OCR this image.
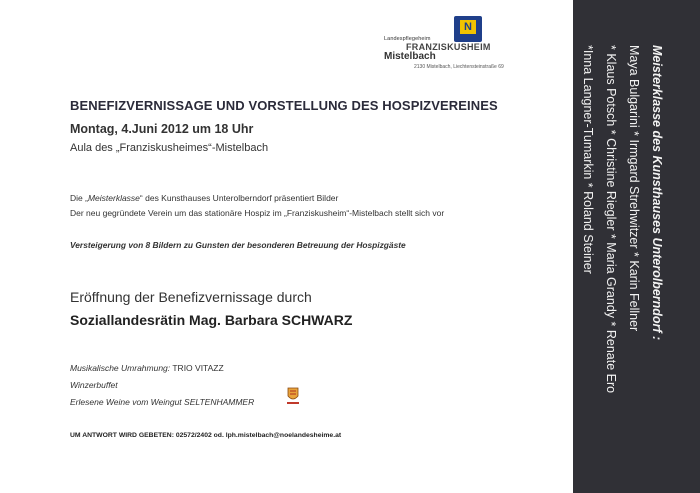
N
Landespflegeheim
FRANZISKUSHEIM
Mistelbach
2130 Mistelbach, Liechtensteinstraße 69
BENEFIZVERNISSAGE UND VORSTELLUNG DES HOSPIZVEREINES
Montag, 4.Juni 2012 um 18 Uhr
Aula des „Franziskusheimes“-Mistelbach
Die „Meisterklasse“ des Kunsthauses Unterolberndorf präsentiert Bilder
Der neu gegründete Verein um das stationäre Hospiz im „Franziskusheim“-Mistelbach stellt sich vor
Versteigerung von 8 Bildern zu Gunsten der besonderen Betreuung der Hospizgäste
Eröffnung der Benefizvernissage durch
Soziallandesrätin Mag. Barbara SCHWARZ
Musikalische Umrahmung: TRIO VITAZZ
Winzerbuffet
Erlesene Weine vom Weingut SELTENHAMMER
UM ANTWORT WIRD GEBETEN: 02572/2402 od. lph.mistelbach@noelandesheime.at
Meisterklasse des Kunsthauses Unterolberndorf :
Maya Bulgarini * Irmgard Strehwitzer * Karin Fellner
* Klaus Potsch * Christine Riegler * Maria Grandy * Renate Ero
*Inna Langner-Tumarkin * Roland Steiner
